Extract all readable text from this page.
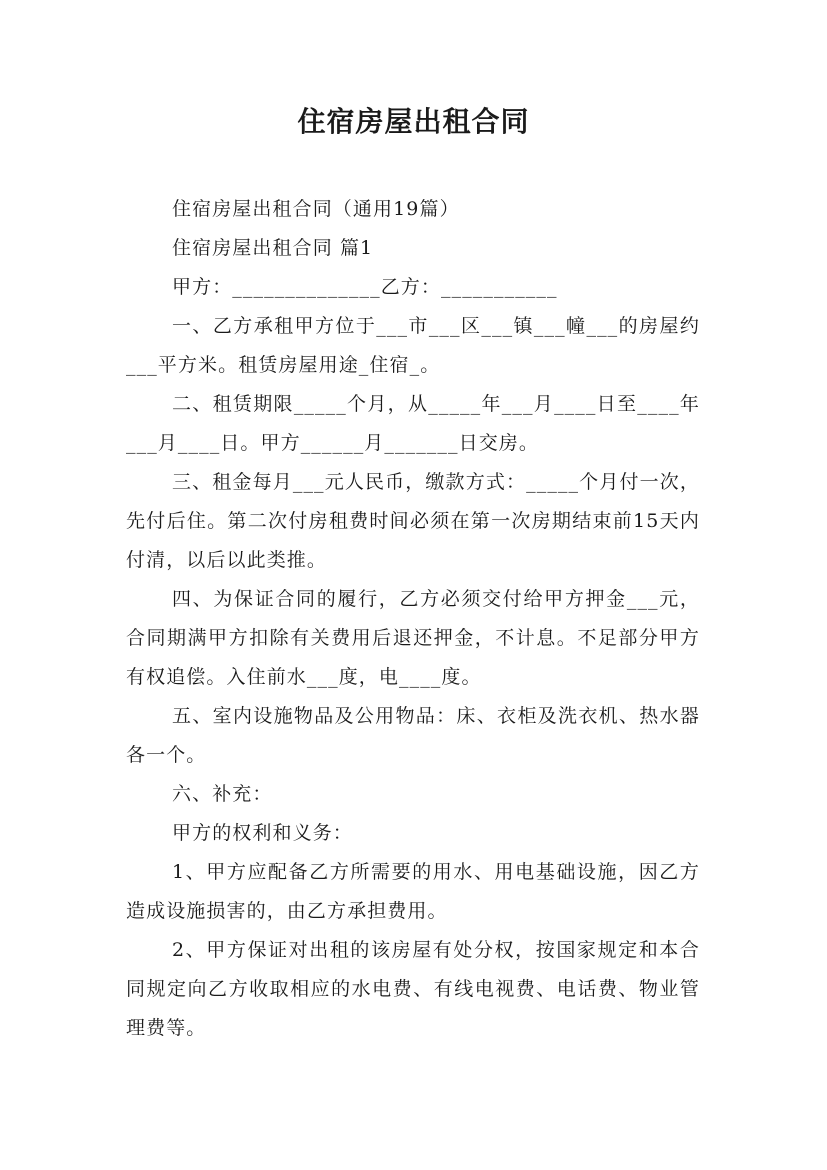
住宿房屋出租合同

住宿房屋出租合同（通用19篇）

住宿房屋出租合同 篇1

甲方：______________乙方：___________

一、乙方承租甲方位于___市___区___镇___幢___的房屋约___平方米。租赁房屋用途_住宿_。

二、租赁期限_____个月，从_____年___月____日至____年___月____日。甲方______月_______日交房。

三、租金每月___元人民币，缴款方式：_____个月付一次，先付后住。第二次付房租费时间必须在第一次房期结束前15天内付清，以后以此类推。

四、为保证合同的履行，乙方必须交付给甲方押金___元，合同期满甲方扣除有关费用后退还押金，不计息。不足部分甲方有权追偿。入住前水___度，电____度。

五、室内设施物品及公用物品：床、衣柜及洗衣机、热水器各一个。

六、补充：

甲方的权利和义务：

1、甲方应配备乙方所需要的用水、用电基础设施，因乙方造成设施损害的，由乙方承担费用。

2、甲方保证对出租的该房屋有处分权，按国家规定和本合同规定向乙方收取相应的水电费、有线电视费、电话费、物业管理费等。
